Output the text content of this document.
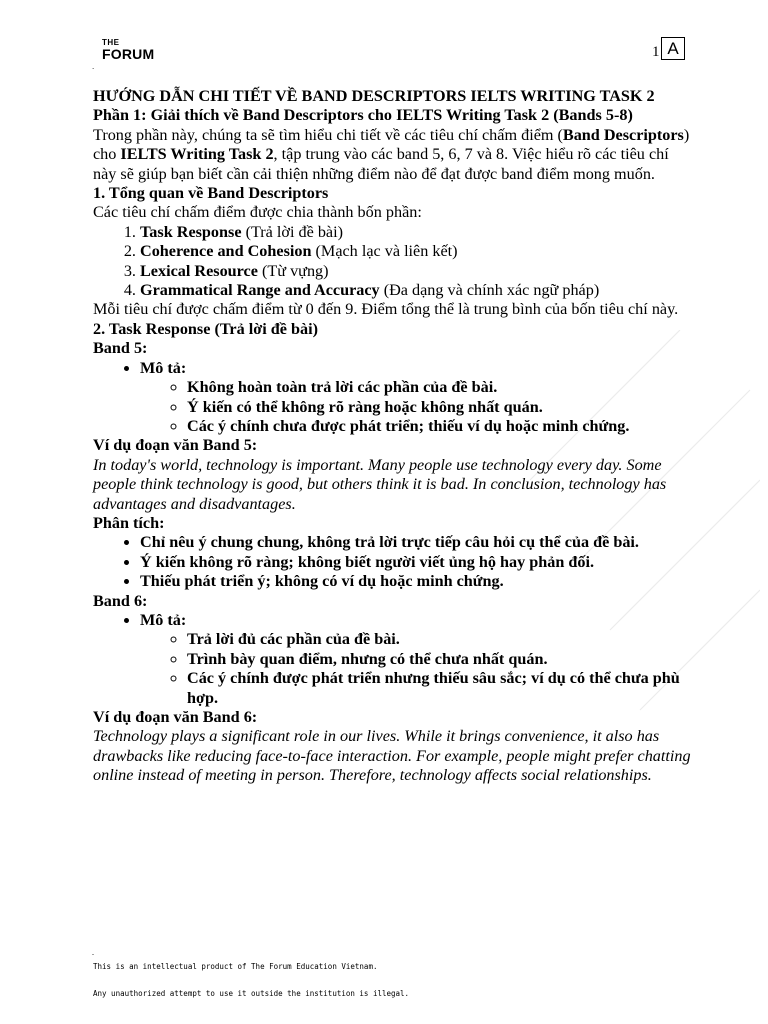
THE
FORUM
.
1 A

HƯỚNG DẪN CHI TIẾT VỀ BAND DESCRIPTORS IELTS WRITING TASK 2

Phần 1: Giải thích về Band Descriptors cho IELTS Writing Task 2 (Bands 5-8)

Trong phần này, chúng ta sẽ tìm hiểu chi tiết về các tiêu chí chấm điểm (Band Descriptors) cho IELTS Writing Task 2, tập trung vào các band 5, 6, 7 và 8. Việc hiểu rõ các tiêu chí này sẽ giúp bạn biết cần cải thiện những điểm nào để đạt được band điểm mong muốn.

1. Tổng quan về Band Descriptors

Các tiêu chí chấm điểm được chia thành bốn phần:

1. Task Response (Trả lời đề bài)
2. Coherence and Cohesion (Mạch lạc và liên kết)
3. Lexical Resource (Từ vựng)
4. Grammatical Range and Accuracy (Đa dạng và chính xác ngữ pháp)

Mỗi tiêu chí được chấm điểm từ 0 đến 9. Điểm tổng thể là trung bình của bốn tiêu chí này.

2. Task Response (Trả lời đề bài)

Band 5:

• Mô tả:
◦ Không hoàn toàn trả lời các phần của đề bài.
◦ Ý kiến có thể không rõ ràng hoặc không nhất quán.
◦ Các ý chính chưa được phát triển; thiếu ví dụ hoặc minh chứng.

Ví dụ đoạn văn Band 5:

In today's world, technology is important. Many people use technology every day. Some people think technology is good, but others think it is bad. In conclusion, technology has advantages and disadvantages.

Phân tích:

• Chỉ nêu ý chung chung, không trả lời trực tiếp câu hỏi cụ thể của đề bài.
• Ý kiến không rõ ràng; không biết người viết ủng hộ hay phản đối.
• Thiếu phát triển ý; không có ví dụ hoặc minh chứng.

Band 6:

• Mô tả:
◦ Trả lời đủ các phần của đề bài.
◦ Trình bày quan điểm, nhưng có thể chưa nhất quán.
◦ Các ý chính được phát triển nhưng thiếu sâu sắc; ví dụ có thể chưa phù hợp.

Ví dụ đoạn văn Band 6:

Technology plays a significant role in our lives. While it brings convenience, it also has drawbacks like reducing face-to-face interaction. For example, people might prefer chatting online instead of meeting in person. Therefore, technology affects social relationships.

.
This is an intellectual product of The Forum Education Vietnam.
Any unauthorized attempt to use it outside the institution is illegal.
